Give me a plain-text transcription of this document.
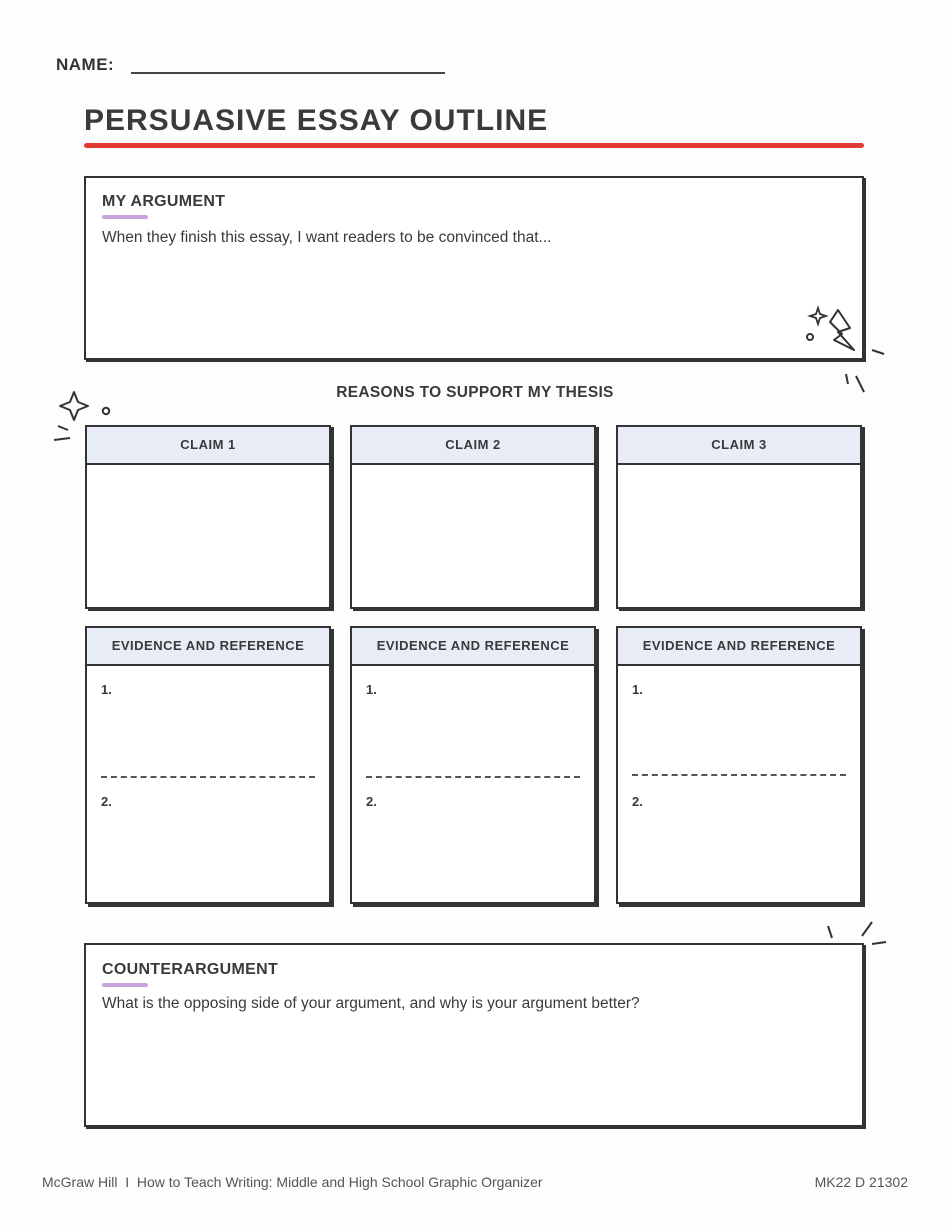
NAME:
PERSUASIVE ESSAY OUTLINE
MY ARGUMENT
When they finish this essay, I want readers to be convinced that...
REASONS TO SUPPORT MY THESIS
CLAIM 1	CLAIM 2	CLAIM 3
EVIDENCE AND REFERENCE
1.
2.
EVIDENCE AND REFERENCE
1.
2.
EVIDENCE AND REFERENCE
1.
2.
COUNTERARGUMENT
What is the opposing side of your argument, and why is your argument better?
McGraw Hill  I  How to Teach Writing: Middle and High School Graphic Organizer	MK22 D 21302
